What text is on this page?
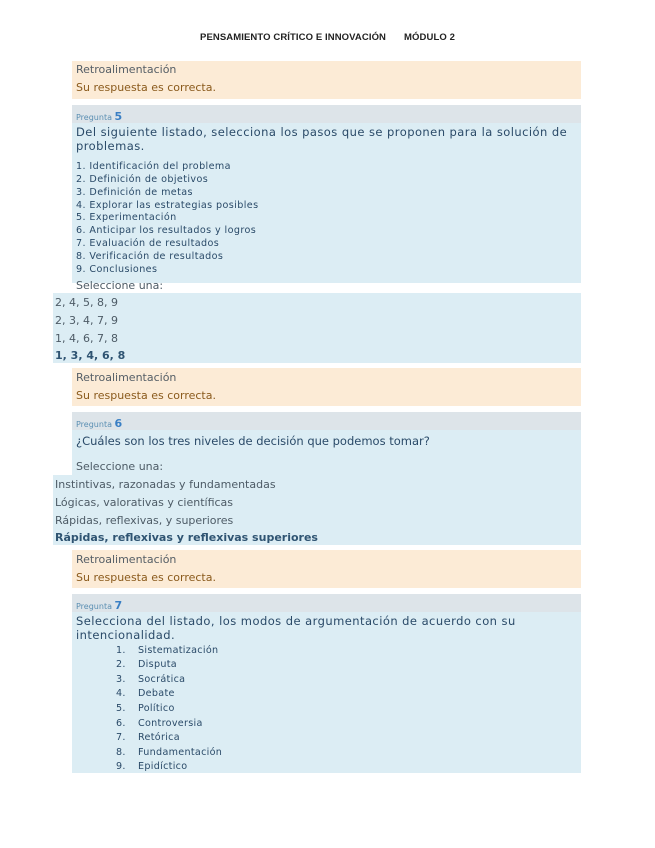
PENSAMIENTO CRÍTICO E INNOVACIÓN MÓDULO 2
Retroalimentación
Su respuesta es correcta.
Pregunta 5
Del siguiente listado, selecciona los pasos que se proponen para la solución de
problemas.
1. Identificación del problema
2. Definición de objetivos
3. Definición de metas
4. Explorar las estrategias posibles
5. Experimentación
6. Anticipar los resultados y logros
7. Evaluación de resultados
8. Verificación de resultados
9. Conclusiones
Seleccione una:
2, 4, 5, 8, 9
2, 3, 4, 7, 9
1, 4, 6, 7, 8
1, 3, 4, 6, 8
Retroalimentación
Su respuesta es correcta.
Pregunta 6
¿Cuáles son los tres niveles de decisión que podemos tomar?
Seleccione una:
Instintivas, razonadas y fundamentadas
Lógicas, valorativas y científicas
Rápidas, reflexivas, y superiores
Rápidas, reflexivas y reflexivas superiores
Retroalimentación
Su respuesta es correcta.
Pregunta 7
Selecciona del listado, los modos de argumentación de acuerdo con su
intencionalidad.
1. Sistematización
2. Disputa
3. Socrática
4. Debate
5. Político
6. Controversia
7. Retórica
8. Fundamentación
9. Epidíctico
